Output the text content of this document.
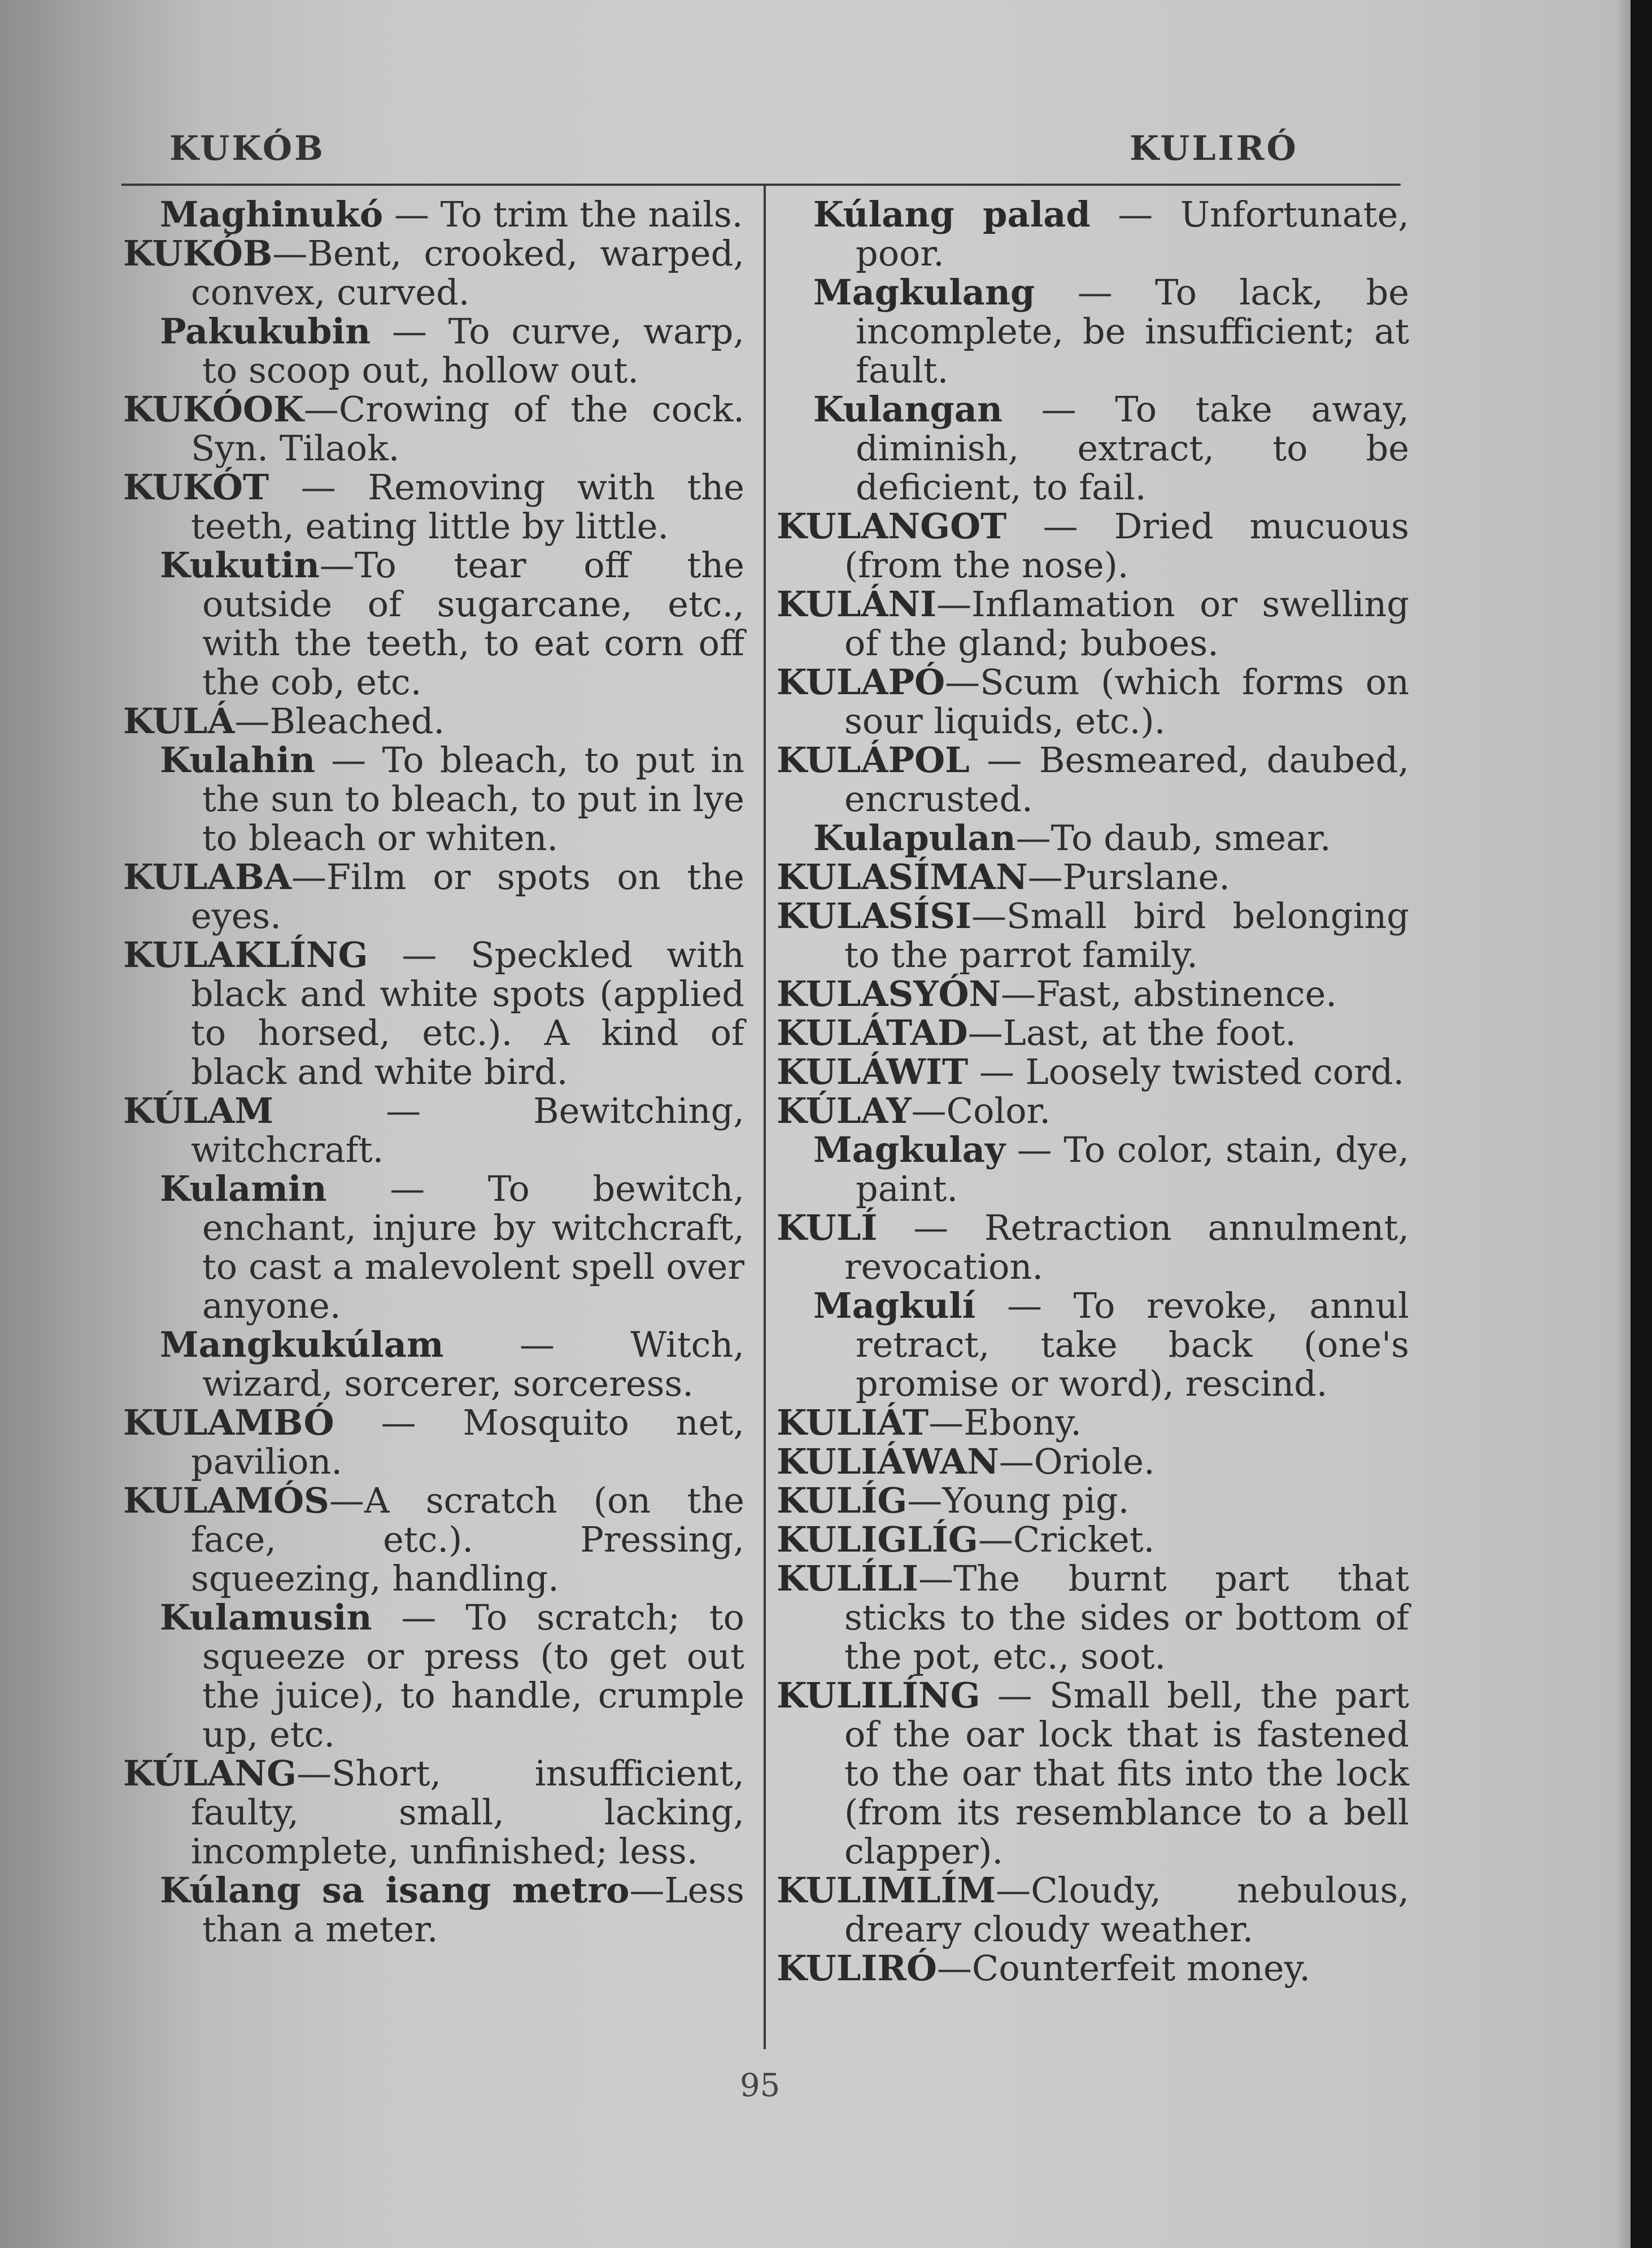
KUKÓB	KULIRÓ

Maghinukó — To trim the nails.

KUKÓB—Bent, crooked, warped, convex, curved.

Pakukubin — To curve, warp, to scoop out, hollow out.

KUKÓOK—Crowing of the cock. Syn. Tilaok.

KUKÓT — Removing with the teeth, eating little by little.

Kukutin—To tear off the outside of sugarcane, etc., with the teeth, to eat corn off the cob, etc.

KULÁ—Bleached.

Kulahin — To bleach, to put in the sun to bleach, to put in lye to bleach or whiten.

KULABA—Film or spots on the eyes.

KULAKLÍNG — Speckled with black and white spots (applied to horsed, etc.). A kind of black and white bird.

KÚLAM — Bewitching, witchcraft.

Kulamin — To bewitch, enchant, injure by witchcraft, to cast a malevolent spell over anyone.

Mangkukúlam — Witch, wizard, sorcerer, sorceress.

KULAMBÓ — Mosquito net, pavilion.

KULAMÓS—A scratch (on the face, etc.). Pressing, squeezing, handling.

Kulamusin — To scratch; to squeeze or press (to get out the juice), to handle, crumple up, etc.

KÚLANG—Short, insufficient, faulty, small, lacking, incomplete, unfinished; less.

Kúlang sa isang metro—Less than a meter.

Kúlang palad — Unfortunate, poor.

Magkulang — To lack, be incomplete, be insufficient; at fault.

Kulangan — To take away, diminish, extract, to be deficient, to fail.

KULANGOT — Dried mucuous (from the nose).

KULÁNI—Inflamation or swelling of the gland; buboes.

KULAPÓ—Scum (which forms on sour liquids, etc.).

KULÁPOL — Besmeared, daubed, encrusted.

Kulapulan—To daub, smear.

KULASÍMAN—Purslane.

KULASÍSI—Small bird belonging to the parrot family.

KULASYÓN—Fast, abstinence.

KULÁTAD—Last, at the foot.

KULÁWIT — Loosely twisted cord.

KÚLAY—Color.

Magkulay — To color, stain, dye, paint.

KULÍ — Retraction annulment, revocation.

Magkulí — To revoke, annul retract, take back (one's promise or word), rescind.

KULIÁT—Ebony.

KULIÁWAN—Oriole.

KULÍG—Young pig.

KULIGLÍG—Cricket.

KULÍLI—The burnt part that sticks to the sides or bottom of the pot, etc., soot.

KULILÍNG — Small bell, the part of the oar lock that is fastened to the oar that fits into the lock (from its resemblance to a bell clapper).

KULIMLÍM—Cloudy, nebulous, dreary cloudy weather.

KULIRÓ—Counterfeit money.

95
